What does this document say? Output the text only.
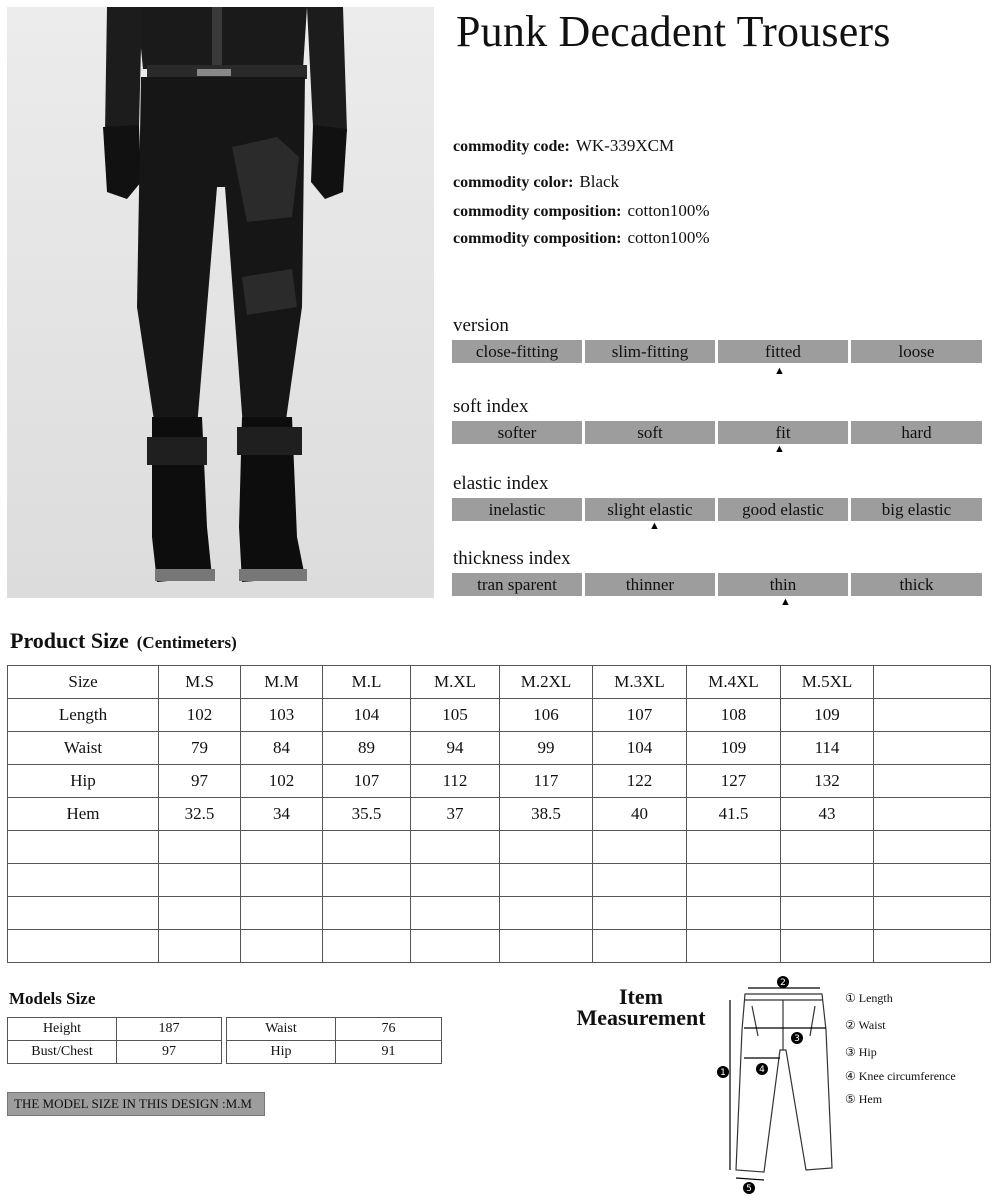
Punk Decadent Trousers
commodity code: WK-339XCM
commodity color: Black
commodity composition: cotton100%
commodity composition: cotton100%
version
close-fitting	slim-fitting	fitted	loose
▲
soft index
softer	soft	fit	hard
▲
elastic index
inelastic	slight elastic	good elastic	big elastic
▲
thickness index
tran sparent	thinner	thin	thick
▲
Product Size (Centimeters)
Size	M.S	M.M	M.L	M.XL	M.2XL	M.3XL	M.4XL	M.5XL	
Length	102	103	104	105	106	107	108	109	
Waist	79	84	89	94	99	104	109	114	
Hip	97	102	107	112	117	122	127	132	
Hem	32.5	34	35.5	37	38.5	40	41.5	43	

Models Size
Height	187
Bust/Chest	97
Waist	76
Hip	91
THE MODEL SIZE IN THIS DESIGN :M.M
Item
Measurement
2
3
4
1
5
① Length
② Waist
③ Hip
④ Knee circumference
⑤ Hem
